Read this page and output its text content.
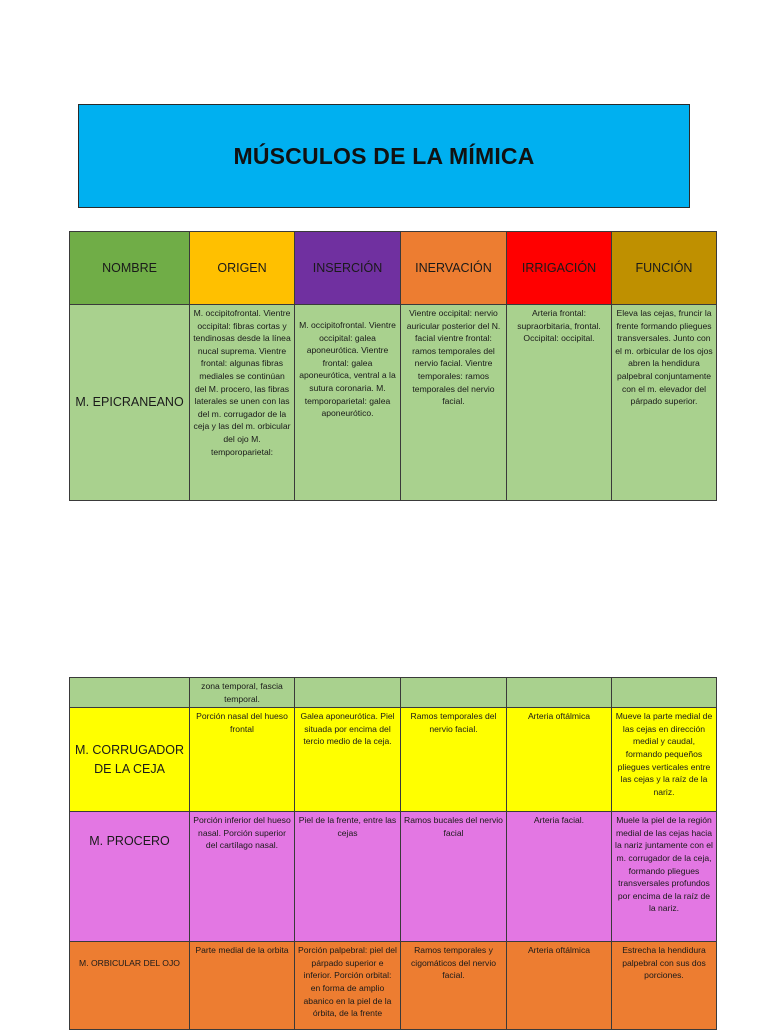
MÚSCULOS DE LA MÍMICA
NOMBRE	ORIGEN	INSERCIÓN	INERVACIÓN	IRRIGACIÓN	FUNCIÓN
M. EPICRANEANO	M. occipitofrontal. Vientre occipital: fibras cortas y tendinosas desde la línea nucal suprema. Vientre frontal: algunas fibras mediales se continúan del M. procero, las fibras laterales se unen con las del m. corrugador de la ceja y las del m. orbicular del ojo M. temporoparietal:	M. occipitofrontal. Vientre occipital: galea aponeurótica. Vientre frontal: galea aponeurótica, ventral a la sutura coronaria. M. temporoparietal: galea aponeurótico.	Vientre occipital: nervio auricular posterior del N. facial vientre frontal: ramos temporales del nervio facial. Vientre temporales: ramos temporales del nervio facial.	Arteria frontal: supraorbitaria, frontal. Occipital: occipital.	Eleva las cejas, fruncir la frente formando pliegues transversales. Junto con el m. orbicular de los ojos abren la hendidura palpebral conjuntamente con el m. elevador del párpado superior.
	zona temporal, fascia temporal.				
M. CORRUGADOR DE LA CEJA	Porción nasal del hueso frontal	Galea aponeurótica. Piel situada por encima del tercio medio de la ceja.	Ramos temporales del nervio facial.	Arteria oftálmica	Mueve la parte medial de las cejas en dirección medial y caudal, formando pequeños pliegues verticales entre las cejas y la raíz de la nariz.
M. PROCERO	Porción inferior del hueso nasal. Porción superior del cartílago nasal.	Piel de la frente, entre las cejas	Ramos bucales del nervio facial	Arteria facial.	Muele la piel de la región medial de las cejas hacia la nariz juntamente con el m. corrugador de la ceja, formando pliegues transversales profundos por encima de la raíz de la nariz.
M. ORBICULAR DEL OJO	Parte medial de la orbita	Porción palpebral: piel del párpado superior e inferior. Porción orbital: en forma de amplio abanico en la piel de la órbita, de la frente	Ramos temporales y cigomáticos del nervio facial.	Arteria oftálmica	Estrecha la hendidura palpebral con sus dos porciones.
